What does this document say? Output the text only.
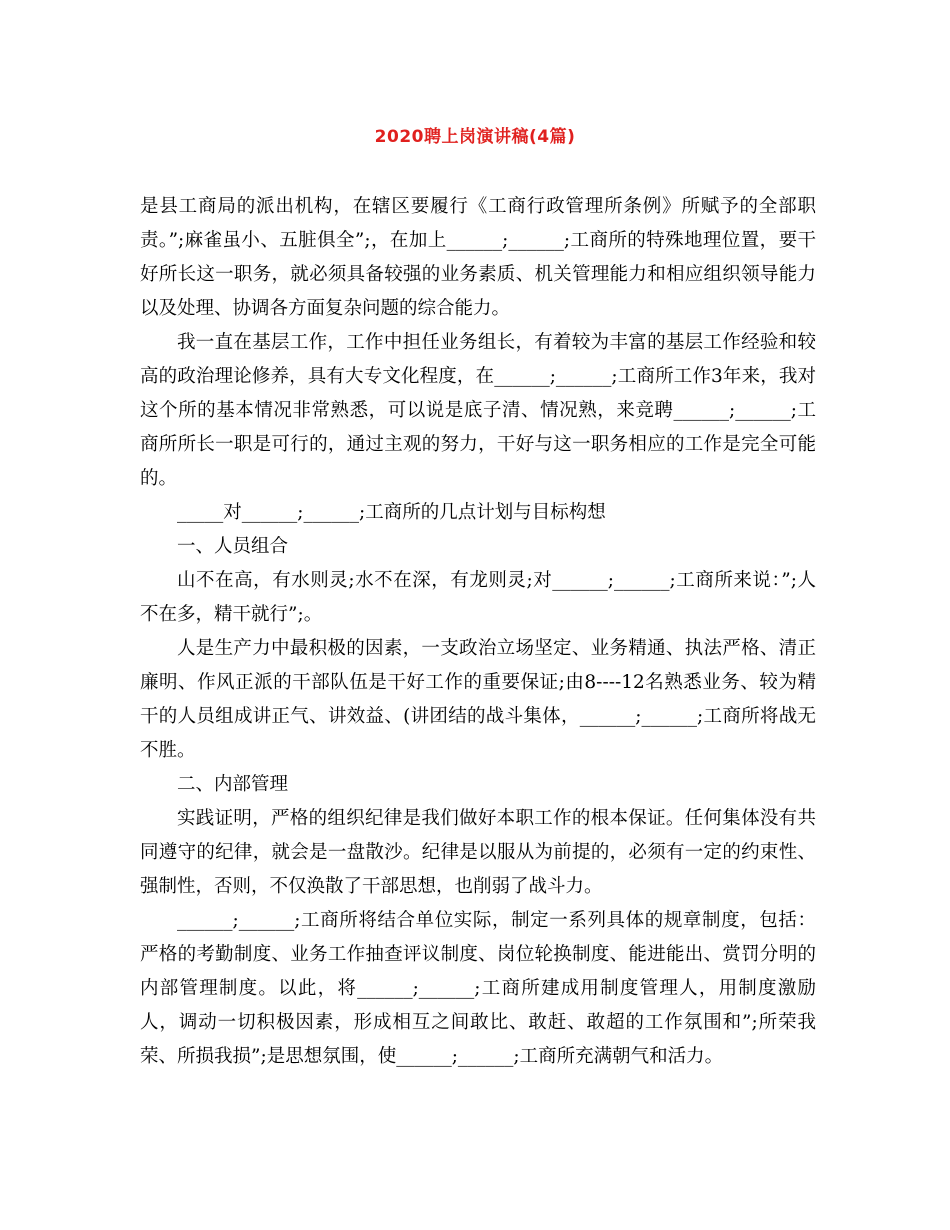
2020聘上岗演讲稿(4篇)

是县工商局的派出机构，在辖区要履行《工商行政管理所条例》所赋予的全部职责。”;麻雀虽小、五脏俱全”;，在加上______;______;工商所的特殊地理位置，要干好所长这一职务，就必须具备较强的业务素质、机关管理能力和相应组织领导能力以及处理、协调各方面复杂问题的综合能力。

我一直在基层工作，工作中担任业务组长，有着较为丰富的基层工作经验和较高的政治理论修养，具有大专文化程度，在______;______;工商所工作3年来，我对这个所的基本情况非常熟悉，可以说是底子清、情况熟，来竞聘______;______;工商所所长一职是可行的，通过主观的努力，干好与这一职务相应的工作是完全可能的。

_____对______;______;工商所的几点计划与目标构想

一、人员组合

山不在高，有水则灵;水不在深，有龙则灵;对______;______;工商所来说：”;人不在多，精干就行”;。

人是生产力中最积极的因素，一支政治立场坚定、业务精通、执法严格、清正廉明、作风正派的干部队伍是干好工作的重要保证;由8----12名熟悉业务、较为精干的人员组成讲正气、讲效益、(讲团结的战斗集体，______;______;工商所将战无不胜。

二、内部管理

实践证明，严格的组织纪律是我们做好本职工作的根本保证。任何集体没有共同遵守的纪律，就会是一盘散沙。纪律是以服从为前提的，必须有一定的约束性、强制性，否则，不仅涣散了干部思想，也削弱了战斗力。

______;______;工商所将结合单位实际，制定一系列具体的规章制度，包括：严格的考勤制度、业务工作抽查评议制度、岗位轮换制度、能进能出、赏罚分明的内部管理制度。以此，将______;______;工商所建成用制度管理人，用制度激励人，调动一切积极因素，形成相互之间敢比、敢赶、敢超的工作氛围和”;所荣我荣、所损我损”;是思想氛围，使______;______;工商所充满朝气和活力。
